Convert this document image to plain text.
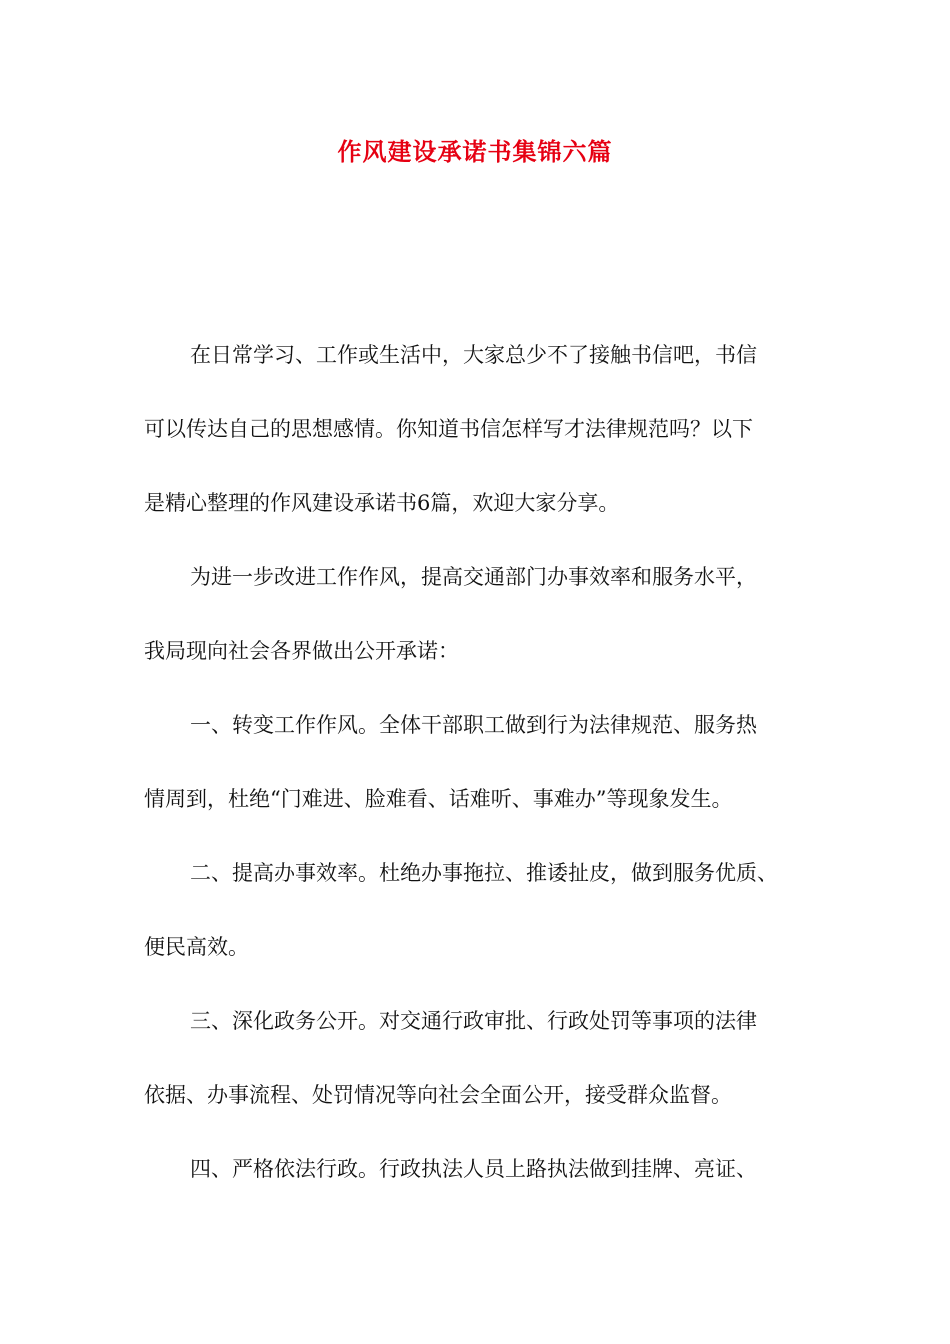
作风建设承诺书集锦六篇
在日常学习、工作或生活中，大家总少不了接触书信吧，书信
可以传达自己的思想感情。你知道书信怎样写才法律规范吗？以下
是精心整理的作风建设承诺书6篇，欢迎大家分享。
为进一步改进工作作风，提高交通部门办事效率和服务水平，
我局现向社会各界做出公开承诺：
一、转变工作作风。全体干部职工做到行为法律规范、服务热
情周到，杜绝“门难进、脸难看、话难听、事难办”等现象发生。
二、提高办事效率。杜绝办事拖拉、推诿扯皮，做到服务优质、
便民高效。
三、深化政务公开。对交通行政审批、行政处罚等事项的法律
依据、办事流程、处罚情况等向社会全面公开，接受群众监督。
四、严格依法行政。行政执法人员上路执法做到挂牌、亮证、
